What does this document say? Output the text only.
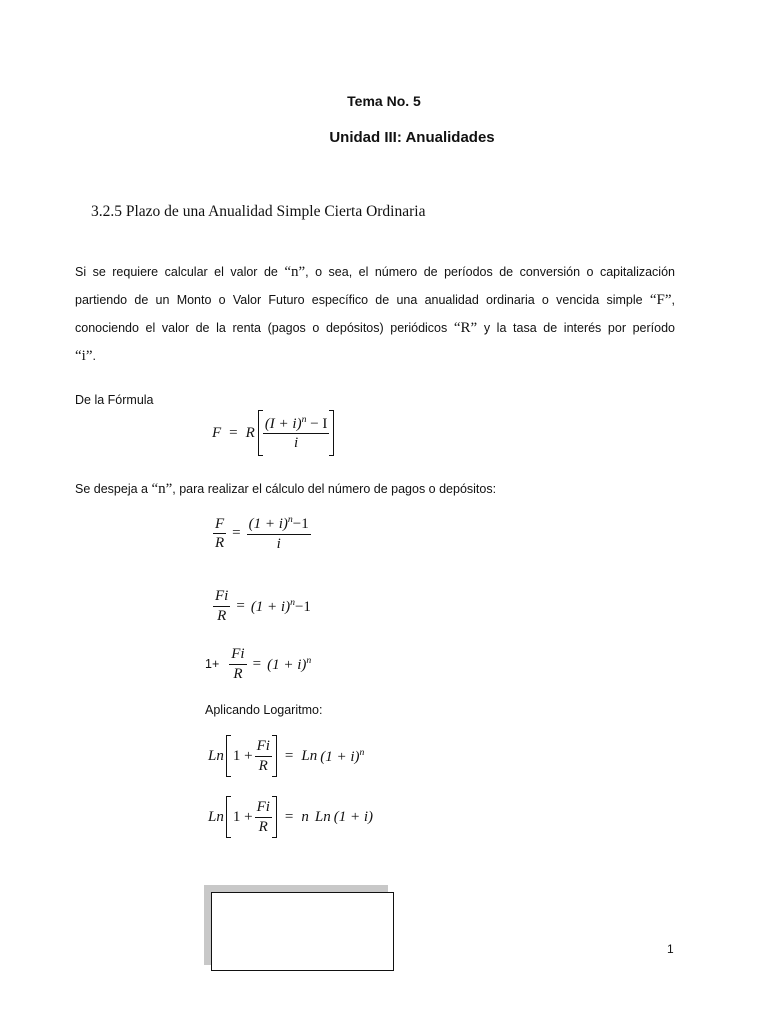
Tema No. 5
Unidad III: Anualidades
3.2.5 Plazo de una Anualidad Simple Cierta Ordinaria
Si se requiere calcular el valor de “n”, o sea, el número de períodos de conversión o capitalización
partiendo de un Monto o Valor Futuro específico de una anualidad ordinaria o vencida simple “F”,
conociendo el valor de la renta (pagos o depósitos) periódicos “R” y la tasa de interés por período
“i”.
De la Fórmula
F = R $\frac{(I + i)^n - I}{i}$
Se despeja a “n”, para realizar el cálculo del número de pagos o depósitos:
$\frac{F}{R} = \frac{(1 + i)^n-1}{i}$
$\frac{Fi}{R} = (1 + i)^n-1$
$1+ \frac{Fi}{R} = (1 + i)^n$
Aplicando Logaritmo:
Ln $1 + \frac{Fi}{R} = Ln$ $(1 + i)^n$
Ln $1 + \frac{Fi}{R} = n$ Ln (1 + i)
1
